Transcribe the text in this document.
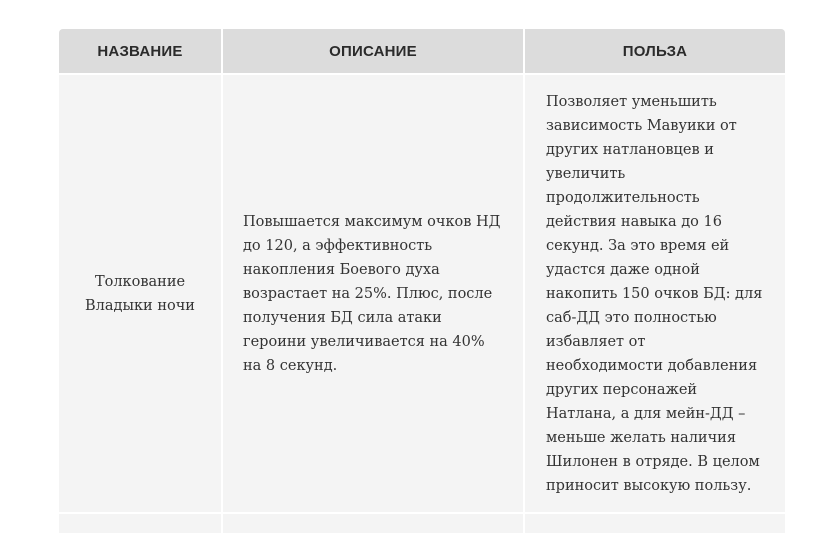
НАЗВАНИЕ	ОПИСАНИЕ	ПОЛЬЗА
Толкование Владыки ночи	Повышается максимум очков НД до 120, а эффективность накопления Боевого духа возрастает на 25%. Плюс, после получения БД сила атаки героини увеличивается на 40% на 8 секунд.	Позволяет уменьшить зависимость Мавуики от других натлановцев и увеличить продолжительность действия навыка до 16 секунд. За это время ей удастся даже одной накопить 150 очков БД: для саб-ДД это полностью избавляет от необходимости добавления других персонажей Натлана, а для мейн-ДД – меньше желать наличия Шилонен в отряде. В целом приносит высокую пользу.
